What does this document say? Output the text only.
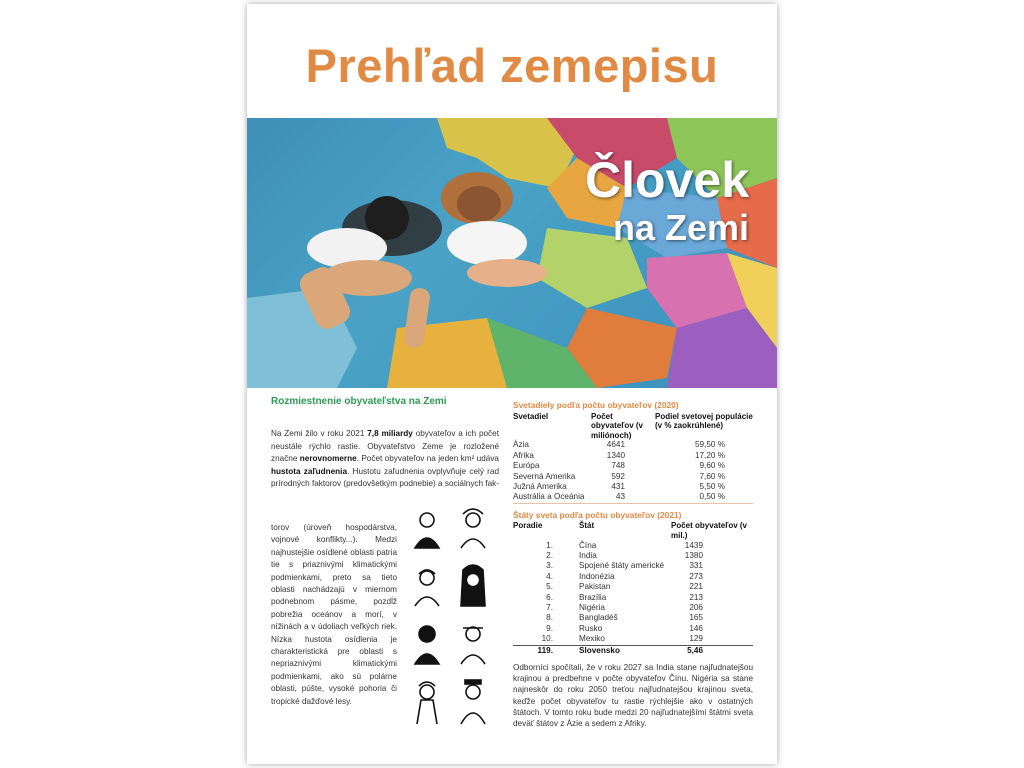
Prehľad zemepisu
Človek
na Zemi
Rozmiestnenie obyvateľstva na Zemi

Na Zemi žilo v roku 2021 7,8 miliardy obyvateľov a ich počet neustále rýchlo rastie. Obyvateľstvo Zeme je rozložené značne nerovnomerne. Počet obyvateľov na jeden km² udáva hustota zaľudnenia. Hustotu zaľudnenia ovplyvňuje celý rad prírodných faktorov (predovšetkým podnebie) a sociálnych fak-

torov (úroveň hospodárstva, vojnové konflikty...). Medzi najhustejšie osídlené oblasti patria tie s priaznivými klimatickými podmienkami, preto sa tieto oblasti nachádzajú v miernom podnebnom pásme, pozdĺž pobrežia oceánov a morí, v nížinách a v údoliach veľkých riek. Nízka hustota osídlenia je charakteristická pre oblasti s nepriaznivými klimatickými podmienkami, ako sú polárne oblasti, púšte, vysoké pohoria či tropické dažďové lesy.
Svetadiely podľa počtu obyvateľov (2020)
Svetadiel	Počet obyvateľov (v miliónoch)	Podiel svetovej populácie (v % zaokrúhlené)
Ázia	4641	59,50 %
Afrika	1340	17,20 %
Európa	748	9,60 %
Severná Amerika	592	7,60 %
Južná Amerika	431	5,50 %
Austrália a Oceánia	43	0,50 %
Štáty sveta podľa počtu obyvateľov (2021)
Poradie	Štát	Počet obyvateľov (v mil.)
1.	Čína	1439
2.	India	1380
3.	Spojené štáty americké	331
4.	Indonézia	273
5.	Pakistan	221
6.	Brazília	213
7.	Nigéria	206
8.	Bangladéš	165
9.	Rusko	146
10.	Mexiko	129
119.	Slovensko	5,46
Odborníci spočítali, že v roku 2027 sa India stane najľudnatejšou krajinou a predbehne v počte obyvateľov Čínu. Nigéria sa stane najneskôr do roku 2050 treťou najľudnatejšou krajinou sveta, keďže počet obyvateľov tu rastie rýchlejšie ako v ostatných štátoch. V tomto roku bude medzi 20 najľudnatejšími štátmi sveta deväť štátov z Ázie a sedem z Afriky.
